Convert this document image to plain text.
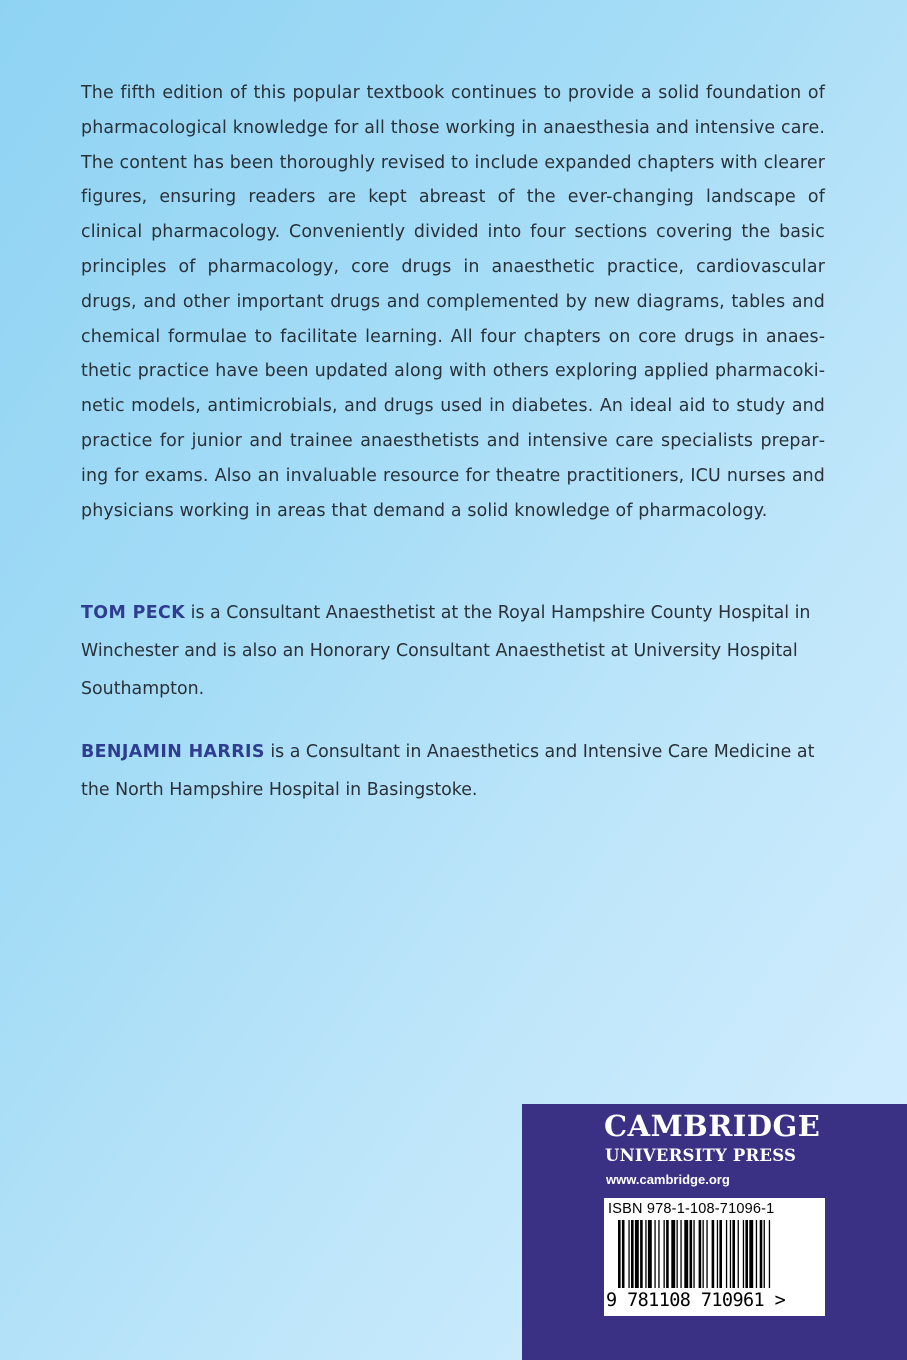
The fifth edition of this popular textbook continues to provide a solid foundation of pharmacological knowledge for all those working in anaesthesia and intensive care. The content has been thoroughly revised to include expanded chapters with clearer figures, ensuring readers are kept abreast of the ever-changing landscape of clinical pharmacology. Conveniently divided into four sections covering the basic principles of pharmacology, core drugs in anaesthetic practice, cardiovascular drugs, and other important drugs and complemented by new diagrams, tables and chemical formulae to facilitate learning. All four chapters on core drugs in anaesthetic practice have been updated along with others exploring applied pharmacokinetic models, antimicrobials, and drugs used in diabetes. An ideal aid to study and practice for junior and trainee anaesthetists and intensive care specialists preparing for exams. Also an invaluable resource for theatre practitioners, ICU nurses and physicians working in areas that demand a solid knowledge of pharmacology.

TOM PECK is a Consultant Anaesthetist at the Royal Hampshire County Hospital in Winchester and is also an Honorary Consultant Anaesthetist at University Hospital Southampton.

BENJAMIN HARRIS is a Consultant in Anaesthetics and Intensive Care Medicine at the North Hampshire Hospital in Basingstoke.

CAMBRIDGE
UNIVERSITY PRESS
www.cambridge.org
ISBN 978-1-108-71096-1
9 781108 710961 >
